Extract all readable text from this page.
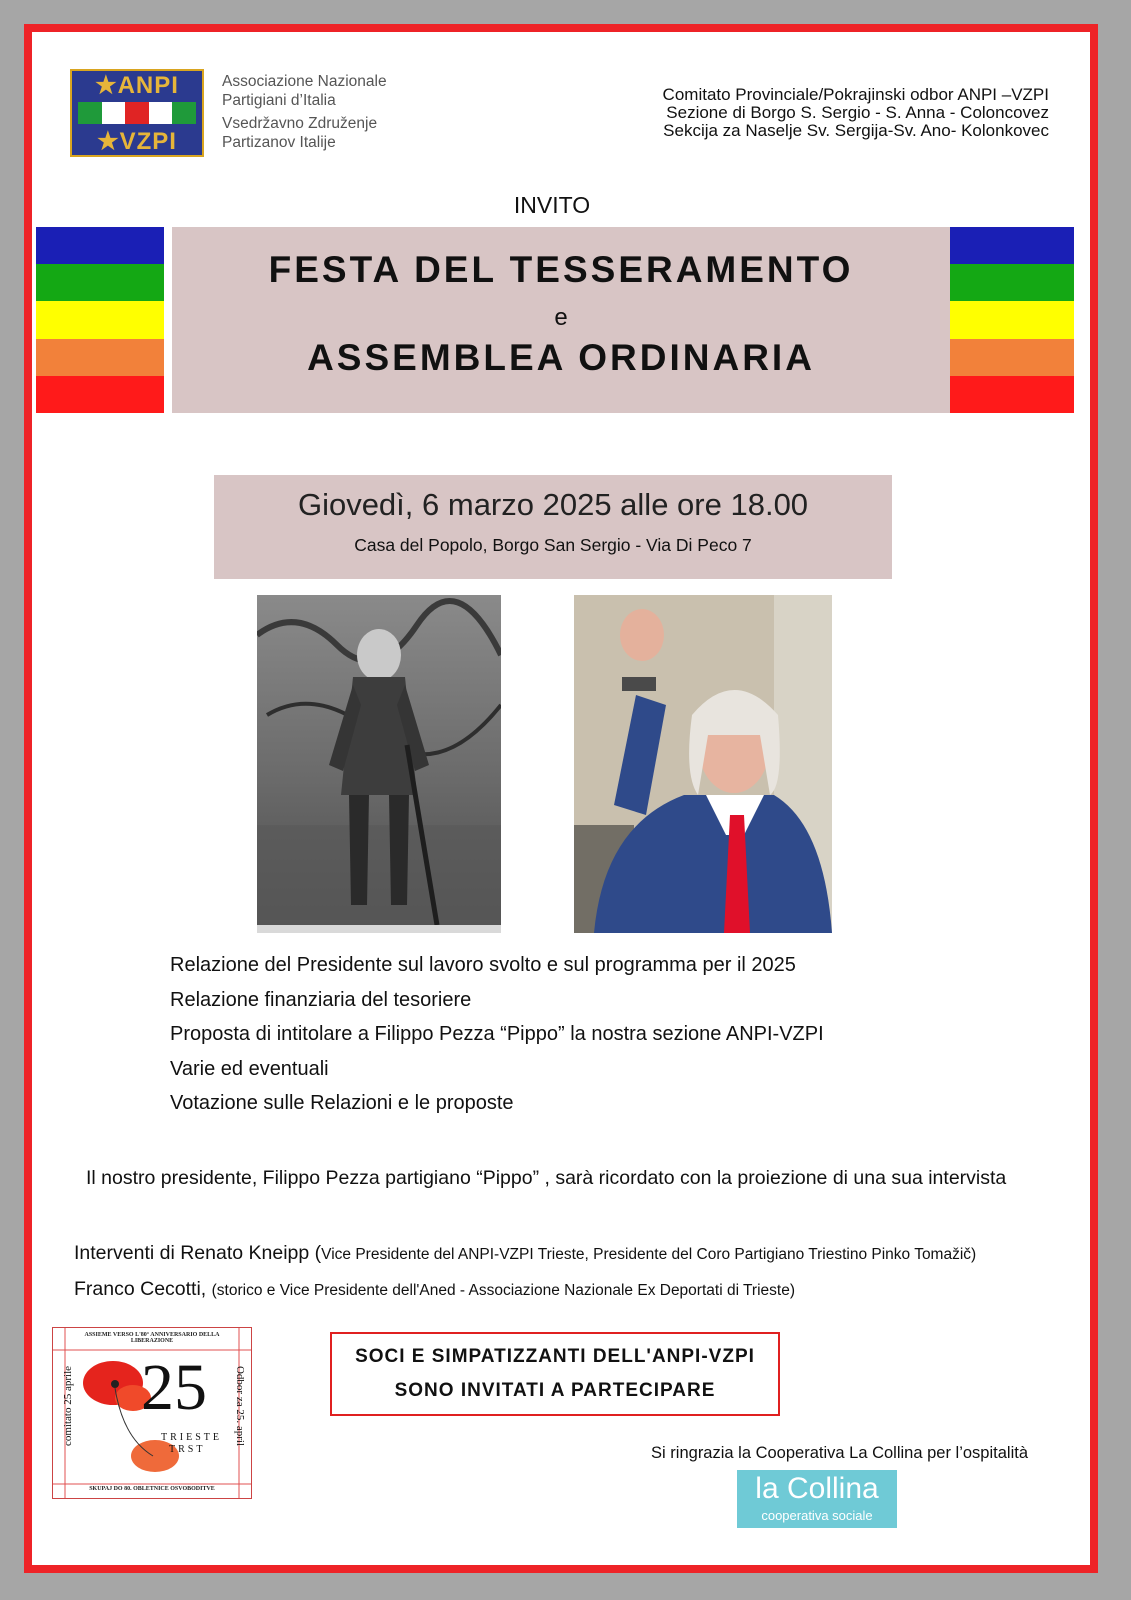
★ANPI
★VZPI
Associazione Nazionale
Partigiani d’Italia
Vsedržavno Združenje
Partizanov Italije
Comitato Provinciale/Pokrajinski odbor ANPI –VZPI
Sezione di Borgo S. Sergio - S. Anna - Coloncovez
Sekcija za Naselje Sv. Sergija-Sv. Ano- Kolonkovec
INVITO
FESTA DEL TESSERAMENTO
e
ASSEMBLEA ORDINARIA
Giovedì, 6 marzo 2025 alle ore 18.00
Casa del Popolo, Borgo San Sergio - Via Di Peco 7
Relazione del Presidente sul lavoro svolto e sul programma per il 2025
Relazione finanziaria del tesoriere
Proposta di intitolare a Filippo Pezza “Pippo” la nostra sezione ANPI-VZPI
Varie ed eventuali
Votazione sulle Relazioni e le proposte
Il nostro presidente, Filippo Pezza partigiano “Pippo” , sarà ricordato con la proiezione di una sua intervista
Interventi di Renato Kneipp (Vice Presidente del ANPI-VZPI Trieste, Presidente del Coro Partigiano Triestino Pinko Tomažič)
Franco Cecotti, (storico e Vice Presidente dell'Aned - Associazione Nazionale Ex Deportati di Trieste)
ASSIEME VERSO L'80° ANNIVERSARIO DELLA LIBERAZIONE
25
TRIESTE
TRST
comitato 25 aprile	Odbor za 25. april
SKUPAJ DO 80. OBLETNICE OSVOBODITVE
SOCI E SIMPATIZZANTI DELL'ANPI-VZPI
SONO INVITATI A PARTECIPARE
Si ringrazia la Cooperativa La Collina per l’ospitalità
la Collina
cooperativa sociale
